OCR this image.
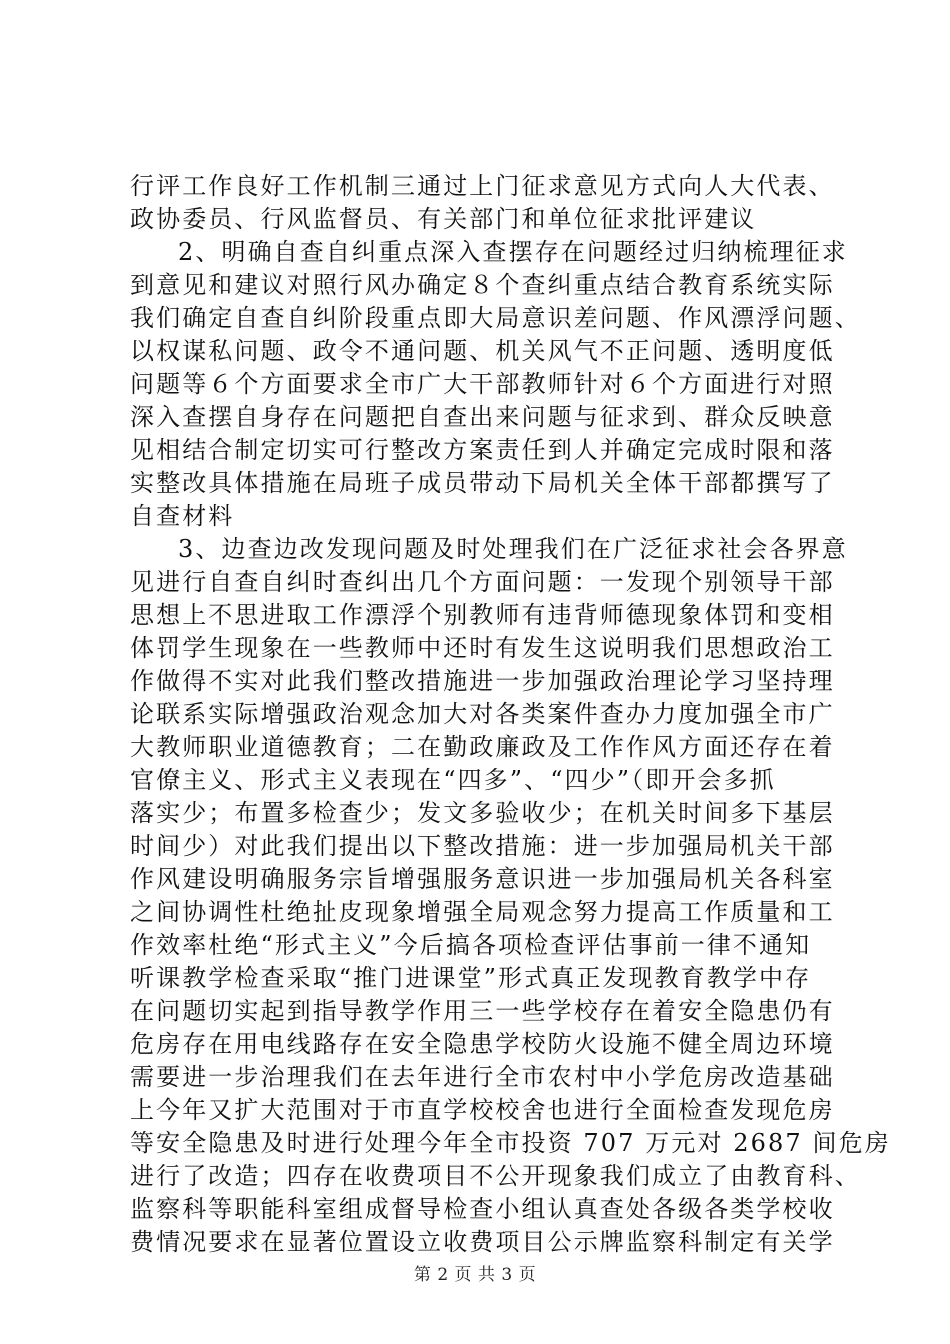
行评工作良好工作机制三通过上门征求意见方式向人大代表、
政协委员、行风监督员、有关部门和单位征求批评建议
2、明确自查自纠重点深入查摆存在问题经过归纳梳理征求
到意见和建议对照行风办确定８个查纠重点结合教育系统实际
我们确定自查自纠阶段重点即大局意识差问题、作风漂浮问题、
以权谋私问题、政令不通问题、机关风气不正问题、透明度低
问题等６个方面要求全市广大干部教师针对６个方面进行对照
深入查摆自身存在问题把自查出来问题与征求到、群众反映意
见相结合制定切实可行整改方案责任到人并确定完成时限和落
实整改具体措施在局班子成员带动下局机关全体干部都撰写了
自查材料
3、边查边改发现问题及时处理我们在广泛征求社会各界意
见进行自查自纠时查纠出几个方面问题：一发现个别领导干部
思想上不思进取工作漂浮个别教师有违背师德现象体罚和变相
体罚学生现象在一些教师中还时有发生这说明我们思想政治工
作做得不实对此我们整改措施进一步加强政治理论学习坚持理
论联系实际增强政治观念加大对各类案件查办力度加强全市广
大教师职业道德教育；二在勤政廉政及工作作风方面还存在着
官僚主义、形式主义表现在“四多”、“四少”（即开会多抓
落实少；布置多检查少；发文多验收少；在机关时间多下基层
时间少）对此我们提出以下整改措施：进一步加强局机关干部
作风建设明确服务宗旨增强服务意识进一步加强局机关各科室
之间协调性杜绝扯皮现象增强全局观念努力提高工作质量和工
作效率杜绝“形式主义”今后搞各项检查评估事前一律不通知
听课教学检查采取“推门进课堂”形式真正发现教育教学中存
在问题切实起到指导教学作用三一些学校存在着安全隐患仍有
危房存在用电线路存在安全隐患学校防火设施不健全周边环境
需要进一步治理我们在去年进行全市农村中小学危房改造基础
上今年又扩大范围对于市直学校校舍也进行全面检查发现危房
等安全隐患及时进行处理今年全市投资 707 万元对 2687 间危房
进行了改造；四存在收费项目不公开现象我们成立了由教育科、
监察科等职能科室组成督导检查小组认真查处各级各类学校收
费情况要求在显著位置设立收费项目公示牌监察科制定有关学
第 2 页 共 3 页
